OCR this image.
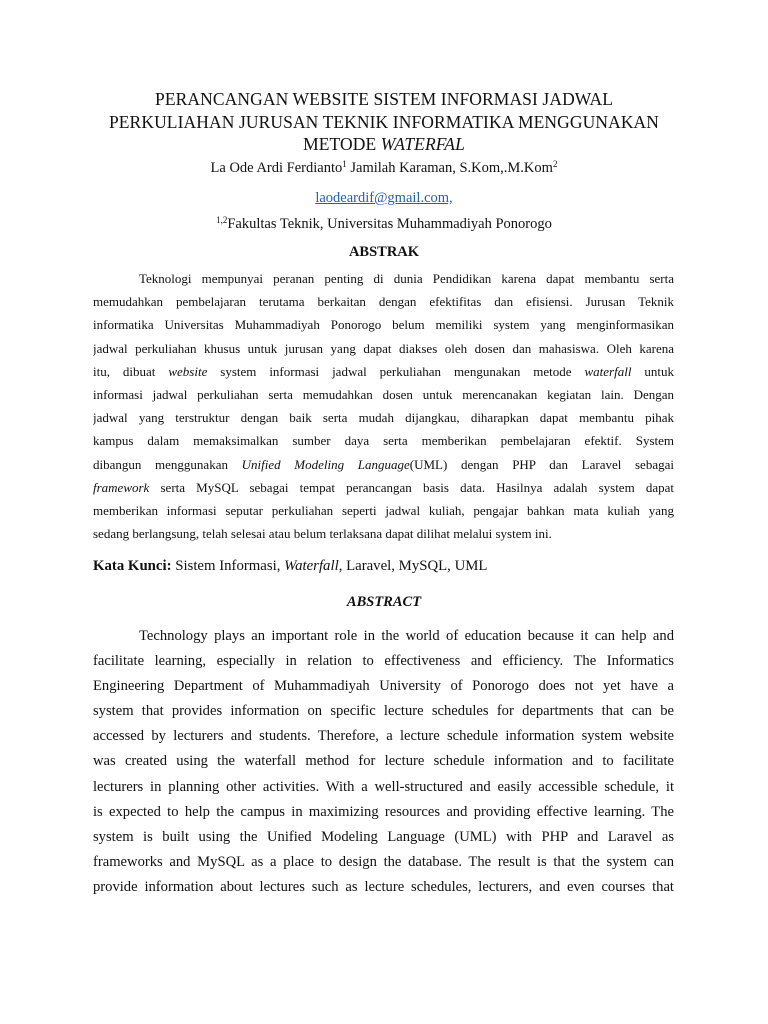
PERANCANGAN WEBSITE SISTEM INFORMASI JADWAL
PERKULIAHAN JURUSAN TEKNIK INFORMATIKA MENGGUNAKAN
METODE WATERFAL
La Ode Ardi Ferdianto$^1$ Jamilah Karaman, S.Kom,.M.Kom$^2$
laodeardif@gmail.com,
$^{1,2}$Fakultas Teknik, Universitas Muhammadiyah Ponorogo
ABSTRAK
Teknologi mempunyai peranan penting di dunia Pendidikan karena dapat membantu serta
memudahkan pembelajaran terutama berkaitan dengan efektifitas dan efisiensi. Jurusan Teknik
informatika Universitas Muhammadiyah Ponorogo belum memiliki system yang menginformasikan
jadwal perkuliahan khusus untuk jurusan yang dapat diakses oleh dosen dan mahasiswa. Oleh karena
itu, dibuat website system informasi jadwal perkuliahan mengunakan metode waterfall untuk
informasi jadwal perkuliahan serta memudahkan dosen untuk merencanakan kegiatan lain. Dengan
jadwal yang terstruktur dengan baik serta mudah dijangkau, diharapkan dapat membantu pihak
kampus dalam memaksimalkan sumber daya serta memberikan pembelajaran efektif. System
dibangun menggunakan Unified Modeling Language(UML) dengan PHP dan Laravel sebagai
framework serta MySQL sebagai tempat perancangan basis data. Hasilnya adalah system dapat
memberikan informasi seputar perkuliahan seperti jadwal kuliah, pengajar bahkan mata kuliah yang
sedang berlangsung, telah selesai atau belum terlaksana dapat dilihat melalui system ini.
Kata Kunci: Sistem Informasi, Waterfall, Laravel, MySQL, UML
ABSTRACT
Technology plays an important role in the world of education because it can help and
facilitate learning, especially in relation to effectiveness and efficiency. The Informatics
Engineering Department of Muhammadiyah University of Ponorogo does not yet have a
system that provides information on specific lecture schedules for departments that can be
accessed by lecturers and students. Therefore, a lecture schedule information system website
was created using the waterfall method for lecture schedule information and to facilitate
lecturers in planning other activities. With a well-structured and easily accessible schedule, it
is expected to help the campus in maximizing resources and providing effective learning. The
system is built using the Unified Modeling Language (UML) with PHP and Laravel as
frameworks and MySQL as a place to design the database. The result is that the system can
provide information about lectures such as lecture schedules, lecturers, and even courses that
